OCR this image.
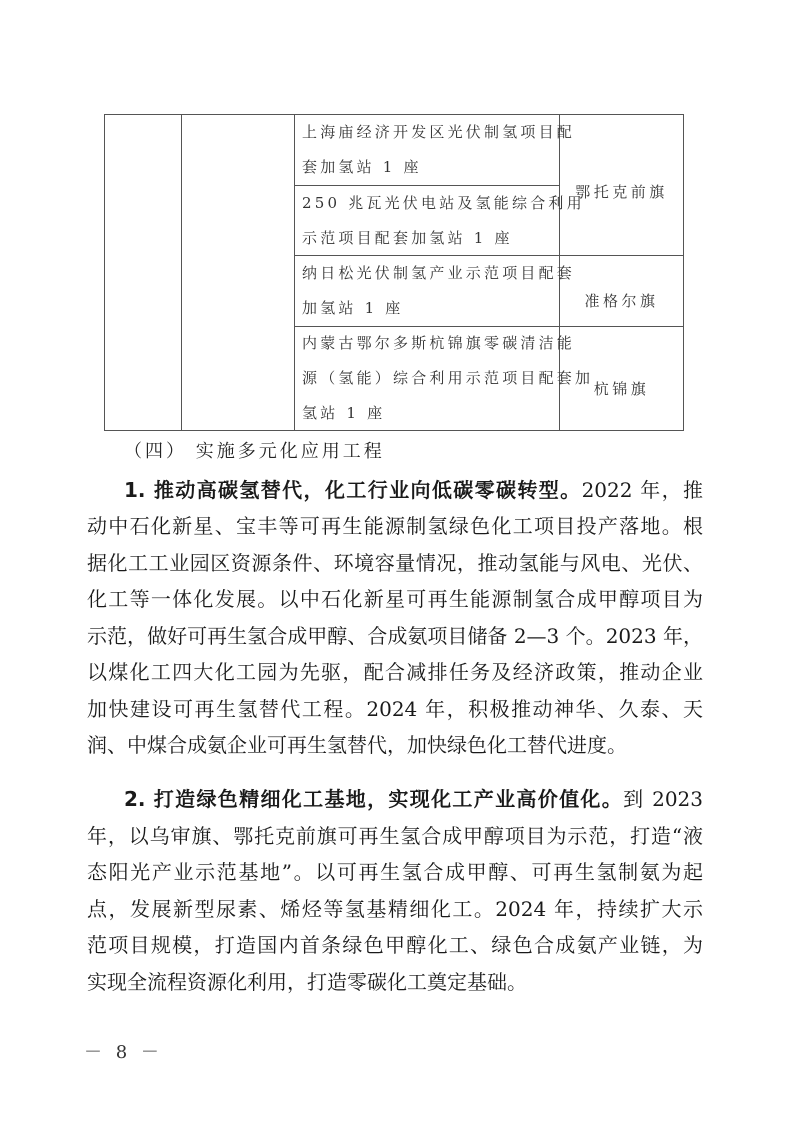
上海庙经济开发区光伏制氢项目配
套加氢站 1 座
250 兆瓦光伏电站及氢能综合利用
示范项目配套加氢站 1 座
纳日松光伏制氢产业示范项目配套
加氢站 1 座
内蒙古鄂尔多斯杭锦旗零碳清洁能
源（氢能）综合利用示范项目配套加
氢站 1 座
鄂托克前旗
准格尔旗
杭锦旗
（四） 实施多元化应用工程
1. 推动高碳氢替代，化工行业向低碳零碳转型。2022 年，推
动中石化新星、宝丰等可再生能源制氢绿色化工项目投产落地。根
据化工工业园区资源条件、环境容量情况，推动氢能与风电、光伏、
化工等一体化发展。以中石化新星可再生能源制氢合成甲醇项目为
示范，做好可再生氢合成甲醇、合成氨项目储备 2—3 个。2023 年，
以煤化工四大化工园为先驱，配合减排任务及经济政策，推动企业
加快建设可再生氢替代工程。2024 年，积极推动神华、久泰、天
润、中煤合成氨企业可再生氢替代，加快绿色化工替代进度。
2. 打造绿色精细化工基地，实现化工产业高价值化。到 2023
年，以乌审旗、鄂托克前旗可再生氢合成甲醇项目为示范，打造“液
态阳光产业示范基地”。以可再生氢合成甲醇、可再生氢制氨为起
点，发展新型尿素、烯烃等氢基精细化工。2024 年，持续扩大示
范项目规模，打造国内首条绿色甲醇化工、绿色合成氨产业链，为
实现全流程资源化利用，打造零碳化工奠定基础。
－ 8 －
